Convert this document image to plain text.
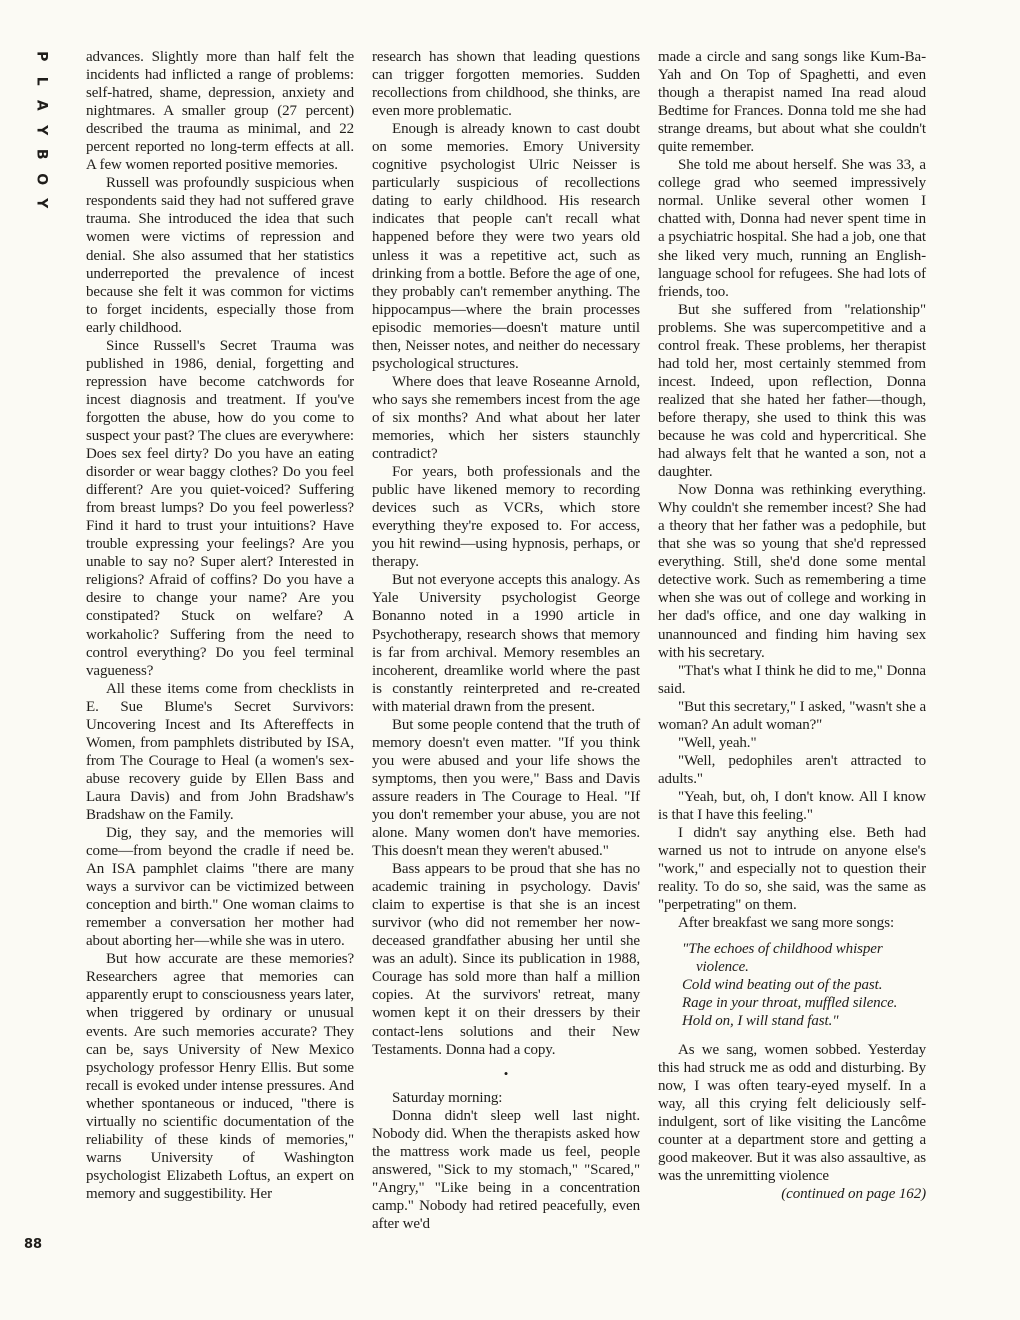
P
L
A
Y
B
O
Y
88

advances. Slightly more than half felt the incidents had inflicted a range of problems: self-hatred, shame, depression, anxiety and nightmares. A smaller group (27 percent) described the trauma as minimal, and 22 percent reported no long-term effects at all. A few women reported positive memories.

Russell was profoundly suspicious when respondents said they had not suffered grave trauma. She introduced the idea that such women were victims of repression and denial. She also assumed that her statistics underreported the prevalence of incest because she felt it was common for victims to forget incidents, especially those from early childhood.

Since Russell's Secret Trauma was published in 1986, denial, forgetting and repression have become catchwords for incest diagnosis and treatment. If you've forgotten the abuse, how do you come to suspect your past? The clues are everywhere: Does sex feel dirty? Do you have an eating disorder or wear baggy clothes? Do you feel different? Are you quiet-voiced? Suffering from breast lumps? Do you feel powerless? Find it hard to trust your intuitions? Have trouble expressing your feelings? Are you unable to say no? Super alert? Interested in religions? Afraid of coffins? Do you have a desire to change your name? Are you constipated? Stuck on welfare? A workaholic? Suffering from the need to control everything? Do you feel terminal vagueness?

All these items come from checklists in E. Sue Blume's Secret Survivors: Uncovering Incest and Its Aftereffects in Women, from pamphlets distributed by ISA, from The Courage to Heal (a women's sex-abuse recovery guide by Ellen Bass and Laura Davis) and from John Bradshaw's Bradshaw on the Family.

Dig, they say, and the memories will come—from beyond the cradle if need be. An ISA pamphlet claims "there are many ways a survivor can be victimized between conception and birth." One woman claims to remember a conversation her mother had about aborting her—while she was in utero.

But how accurate are these memories? Researchers agree that memories can apparently erupt to consciousness years later, when triggered by ordinary or unusual events. Are such memories accurate? They can be, says University of New Mexico psychology professor Henry Ellis. But some recall is evoked under intense pressures. And whether spontaneous or induced, "there is virtually no scientific documentation of the reliability of these kinds of memories," warns University of Washington psychologist Elizabeth Loftus, an expert on memory and suggestibility. Her

research has shown that leading questions can trigger forgotten memories. Sudden recollections from childhood, she thinks, are even more problematic.

Enough is already known to cast doubt on some memories. Emory University cognitive psychologist Ulric Neisser is particularly suspicious of recollections dating to early childhood. His research indicates that people can't recall what happened before they were two years old unless it was a repetitive act, such as drinking from a bottle. Before the age of one, they probably can't remember anything. The hippocampus—where the brain processes episodic memories—doesn't mature until then, Neisser notes, and neither do necessary psychological structures.

Where does that leave Roseanne Arnold, who says she remembers incest from the age of six months? And what about her later memories, which her sisters staunchly contradict?

For years, both professionals and the public have likened memory to recording devices such as VCRs, which store everything they're exposed to. For access, you hit rewind—using hypnosis, perhaps, or therapy.

But not everyone accepts this analogy. As Yale University psychologist George Bonanno noted in a 1990 article in Psychotherapy, research shows that memory is far from archival. Memory resembles an incoherent, dreamlike world where the past is constantly reinterpreted and re-created with material drawn from the present.

But some people contend that the truth of memory doesn't even matter. "If you think you were abused and your life shows the symptoms, then you were," Bass and Davis assure readers in The Courage to Heal. "If you don't remember your abuse, you are not alone. Many women don't have memories. This doesn't mean they weren't abused."

Bass appears to be proud that she has no academic training in psychology. Davis' claim to expertise is that she is an incest survivor (who did not remember her now-deceased grandfather abusing her until she was an adult). Since its publication in 1988, Courage has sold more than half a million copies. At the survivors' retreat, many women kept it on their dressers by their contact-lens solutions and their New Testaments. Donna had a copy.

•

Saturday morning:

Donna didn't sleep well last night. Nobody did. When the therapists asked how the mattress work made us feel, people answered, "Sick to my stomach," "Scared," "Angry," "Like being in a concentration camp." Nobody had retired peacefully, even after we'd

made a circle and sang songs like Kum-Ba-Yah and On Top of Spaghetti, and even though a therapist named Ina read aloud Bedtime for Frances. Donna told me she had strange dreams, but about what she couldn't quite remember.

She told me about herself. She was 33, a college grad who seemed impressively normal. Unlike several other women I chatted with, Donna had never spent time in a psychiatric hospital. She had a job, one that she liked very much, running an English-language school for refugees. She had lots of friends, too.

But she suffered from "relationship" problems. She was supercompetitive and a control freak. These problems, her therapist had told her, most certainly stemmed from incest. Indeed, upon reflection, Donna realized that she hated her father—though, before therapy, she used to think this was because he was cold and hypercritical. She had always felt that he wanted a son, not a daughter.

Now Donna was rethinking everything. Why couldn't she remember incest? She had a theory that her father was a pedophile, but that she was so young that she'd repressed everything. Still, she'd done some mental detective work. Such as remembering a time when she was out of college and working in her dad's office, and one day walking in unannounced and finding him having sex with his secretary.

"That's what I think he did to me," Donna said.

"But this secretary," I asked, "wasn't she a woman? An adult woman?"

"Well, yeah."

"Well, pedophiles aren't attracted to adults."

"Yeah, but, oh, I don't know. All I know is that I have this feeling."

I didn't say anything else. Beth had warned us not to intrude on anyone else's "work," and especially not to question their reality. To do so, she said, was the same as "perpetrating" on them.

After breakfast we sang more songs:

"The echoes of childhood whisper violence.
Cold wind beating out of the past.
Rage in your throat, muffled silence.
Hold on, I will stand fast."

As we sang, women sobbed. Yesterday this had struck me as odd and disturbing. By now, I was often teary-eyed myself. In a way, all this crying felt deliciously self-indulgent, sort of like visiting the Lancôme counter at a department store and getting a good makeover. But it was also assaultive, as was the unremitting violence

(continued on page 162)
